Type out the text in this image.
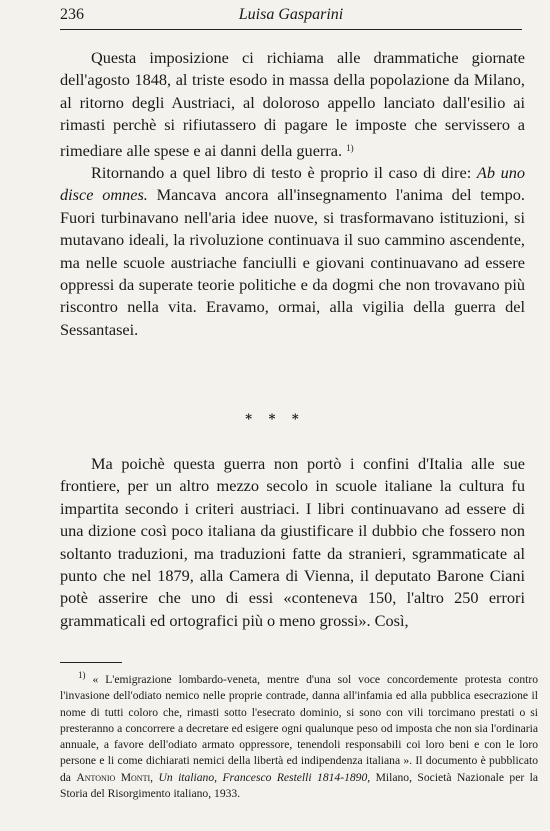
236	Luisa Gasparini

Questa imposizione ci richiama alle drammatiche giornate dell'agosto 1848, al triste esodo in massa della popolazione da Milano, al ritorno degli Austriaci, al doloroso appello lanciato dall'esilio ai rimasti perchè si rifiutassero di pagare le imposte che servissero a rimediare alle spese e ai danni della guerra. $^{1)}$

Ritornando a quel libro di testo è proprio il caso di dire: Ab uno disce omnes. Mancava ancora all'insegnamento l'anima del tempo. Fuori turbinavano nell'aria idee nuove, si trasformavano istituzioni, si mutavano ideali, la rivoluzione continuava il suo cammino ascendente, ma nelle scuole austriache fanciulli e giovani continuavano ad essere oppressi da superate teorie politiche e da dogmi che non trovavano più riscontro nella vita. Eravamo, ormai, alla vigilia della guerra del Sessantasei.

* * *

Ma poichè questa guerra non portò i confini d'Italia alle sue frontiere, per un altro mezzo secolo in scuole italiane la cultura fu impartita secondo i criteri austriaci. I libri continuavano ad essere di una dizione così poco italiana da giustificare il dubbio che fossero non soltanto traduzioni, ma traduzioni fatte da stranieri, sgrammaticate al punto che nel 1879, alla Camera di Vienna, il deputato Barone Ciani potè asserire che uno di essi «conteneva 150, l'altro 250 errori grammaticali ed ortografici più o meno grossi». Così,

$^{1)}$ « L'emigrazione lombardo-veneta, mentre d'una sol voce concordemente protesta contro l'invasione dell'odiato nemico nelle proprie contrade, danna all'infamia ed alla pubblica esecrazione il nome di tutti coloro che, rimasti sotto l'esecrato dominio, si sono con vili torcimano prestati o si presteranno a concorrere a decretare ed esigere ogni qualunque peso od imposta che non sia l'ordinaria annuale, a favore dell'odiato armato oppressore, tenendoli responsabili coi loro beni e con le loro persone e li come dichiarati nemici della libertà ed indipendenza italiana ». Il documento è pubblicato da Antonio Monti, Un italiano, Francesco Restelli 1814-1890, Milano, Società Nazionale per la Storia del Risorgimento italiano, 1933.
